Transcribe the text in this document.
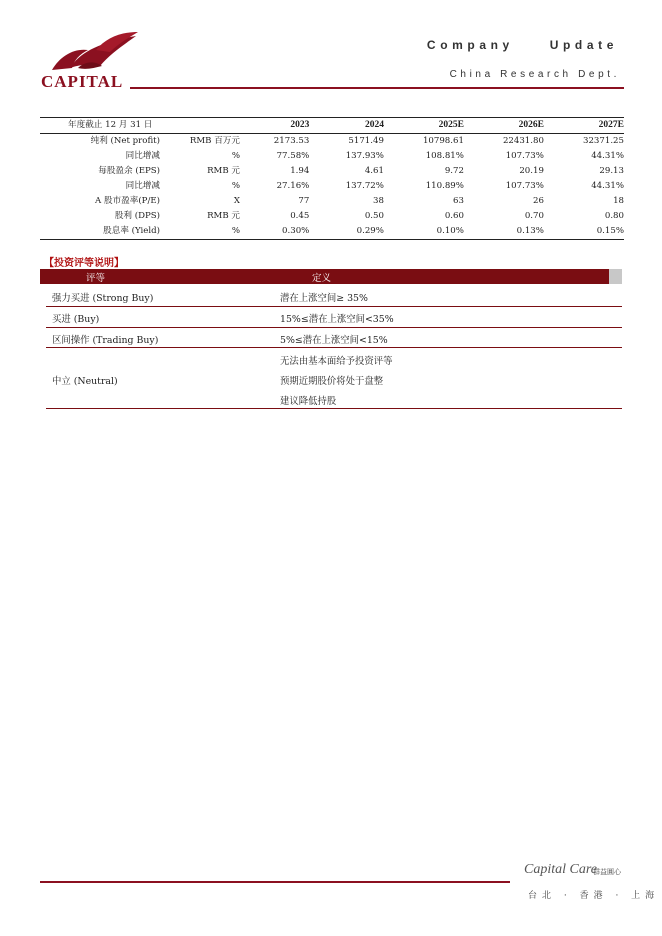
CAPITAL
Company Update
China Research Dept.
年度截止 12 月 31 日		2023	2024	2025E	2026E	2027E
纯利 (Net profit)	RMB 百万元	2173.53	5171.49	10798.61	22431.80	32371.25
同比增减	%	77.58%	137.93%	108.81%	107.73%	44.31%
每股盈余 (EPS)	RMB 元	1.94	4.61	9.72	20.19	29.13
同比增减	%	27.16%	137.72%	110.89%	107.73%	44.31%
A 股市盈率(P/E)	X	77	38	63	26	18
股利 (DPS)	RMB 元	0.45	0.50	0.60	0.70	0.80
股息率 (Yield)	%	0.30%	0.29%	0.10%	0.13%	0.15%
【投资评等说明】
评等	定义
强力买进 (Strong Buy)	潜在上涨空间≥ 35%
买进 (Buy)	15%≤潜在上涨空间<35%
区间操作 (Trading Buy)	5%≤潜在上涨空间<15%
中立 (Neutral)
无法由基本面给予投资评等
预期近期股价将处于盘整
建议降低持股
Capital Care
群益圓心
台北 · 香港 · 上海
